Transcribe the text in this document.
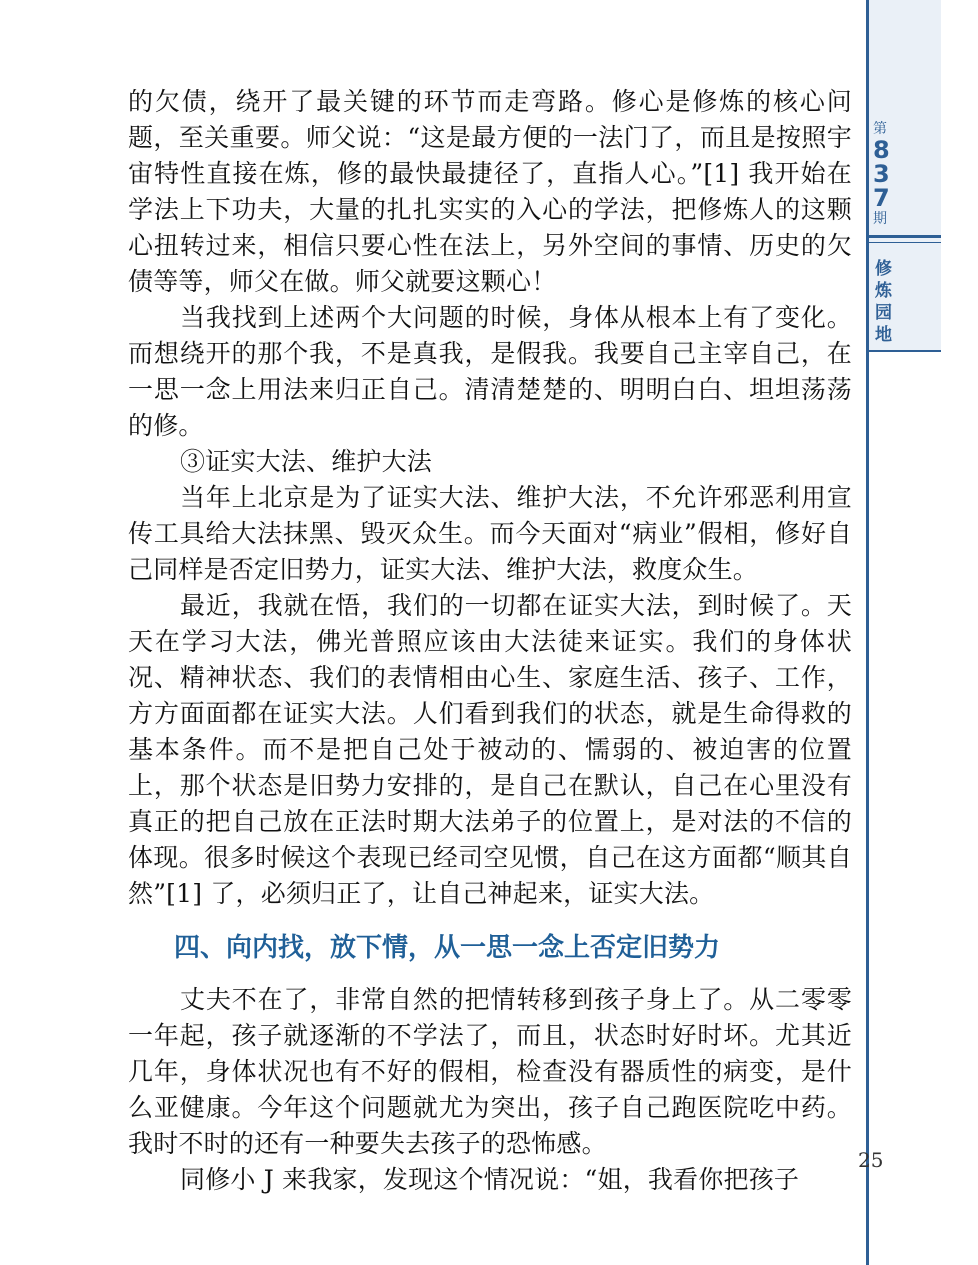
第
8
3
7
期
修
炼
园
地

的欠债，绕开了最关键的环节而走弯路。修心是修炼的核心问题，至关重要。师父说：“这是最方便的一法门了，而且是按照宇宙特性直接在炼，修的最快最捷径了，直指人心。”[1] 我开始在学法上下功夫，大量的扎扎实实的入心的学法，把修炼人的这颗心扭转过来，相信只要心性在法上，另外空间的事情、历史的欠债等等，师父在做。师父就要这颗心！

当我找到上述两个大问题的时候，身体从根本上有了变化。而想绕开的那个我，不是真我，是假我。我要自己主宰自己，在一思一念上用法来归正自己。清清楚楚的、明明白白、坦坦荡荡的修。

③证实大法、维护大法

当年上北京是为了证实大法、维护大法，不允许邪恶利用宣传工具给大法抹黑、毁灭众生。而今天面对“病业”假相，修好自己同样是否定旧势力，证实大法、维护大法，救度众生。

最近，我就在悟，我们的一切都在证实大法，到时候了。天天在学习大法，佛光普照应该由大法徒来证实。我们的身体状况、精神状态、我们的表情相由心生、家庭生活、孩子、工作，方方面面都在证实大法。人们看到我们的状态，就是生命得救的基本条件。而不是把自己处于被动的、懦弱的、被迫害的位置上，那个状态是旧势力安排的，是自己在默认，自己在心里没有真正的把自己放在正法时期大法弟子的位置上，是对法的不信的体现。很多时候这个表现已经司空见惯，自己在这方面都“顺其自然”[1] 了，必须归正了，让自己神起来，证实大法。

四、向内找，放下情，从一思一念上否定旧势力

丈夫不在了，非常自然的把情转移到孩子身上了。从二零零一年起，孩子就逐渐的不学法了，而且，状态时好时坏。尤其近几年，身体状况也有不好的假相，检查没有器质性的病变，是什么亚健康。今年这个问题就尤为突出，孩子自己跑医院吃中药。我时不时的还有一种要失去孩子的恐怖感。

同修小 J 来我家，发现这个情况说：“姐，我看你把孩子

25
